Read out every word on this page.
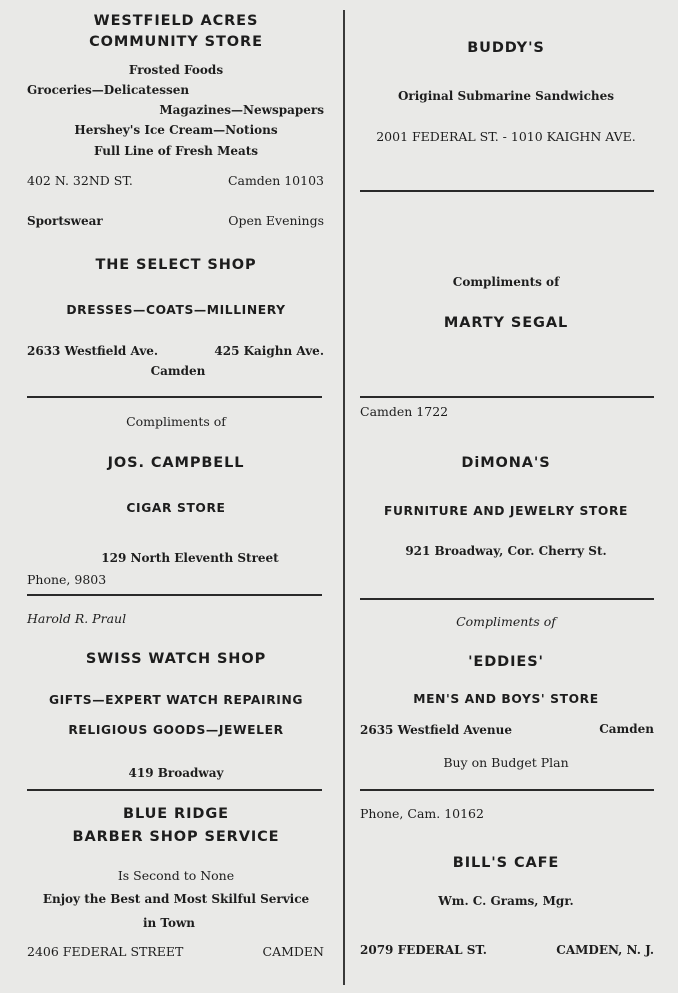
WESTFIELD ACRES
COMMUNITY STORE
Frosted Foods
Groceries—Delicatessen
Magazines—Newspapers
Hershey's Ice Cream—Notions
Full Line of Fresh Meats
402 N. 32ND ST.	Camden 10103
Sportswear	Open Evenings
THE SELECT SHOP
DRESSES—COATS—MILLINERY
2633 Westfield Ave.	425 Kaighn Ave.
Camden
Compliments of
JOS. CAMPBELL
CIGAR STORE
129 North Eleventh Street
Phone, 9803
Harold R. Praul
SWISS WATCH SHOP
GIFTS—EXPERT WATCH REPAIRING
RELIGIOUS GOODS—JEWELER
419 Broadway
BLUE RIDGE
BARBER SHOP SERVICE
Is Second to None
Enjoy the Best and Most Skilful Service
in Town
2406 FEDERAL STREET	CAMDEN
BUDDY'S
Original Submarine Sandwiches
2001 FEDERAL ST. - 1010 KAIGHN AVE.
Compliments of
MARTY SEGAL
Camden 1722
DiMONA'S
FURNITURE AND JEWELRY STORE
921 Broadway, Cor. Cherry St.
Compliments of
'EDDIES'
MEN'S AND BOYS' STORE
2635 Westfield Avenue	Camden
Buy on Budget Plan
Phone, Cam. 10162
BILL'S CAFE
Wm. C. Grams, Mgr.
2079 FEDERAL ST.	CAMDEN, N. J.
